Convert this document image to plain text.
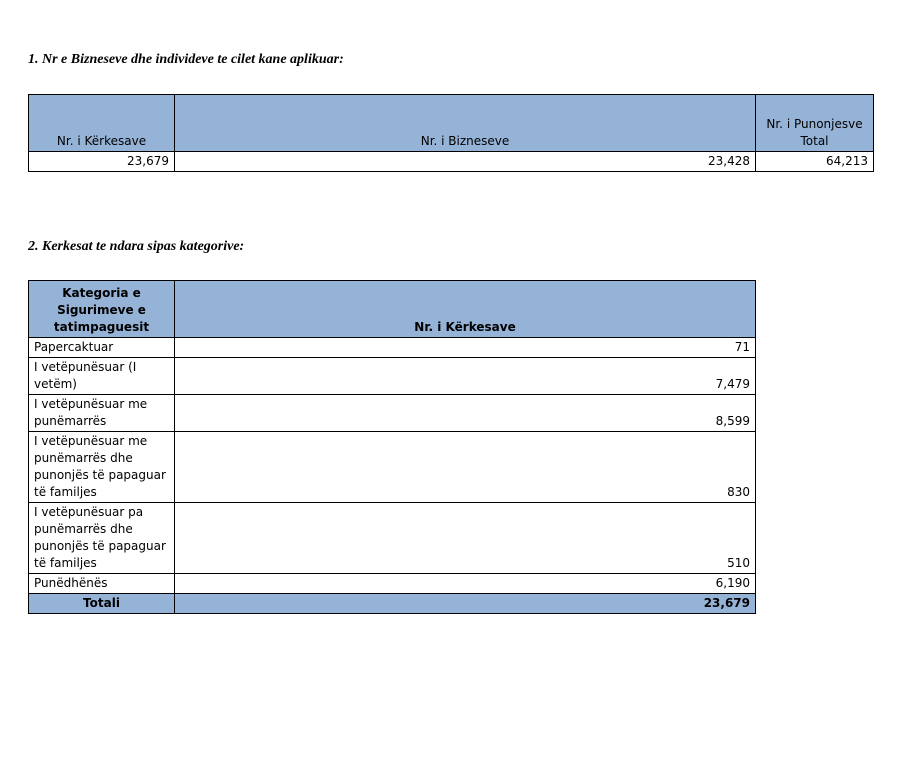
1. Nr e Bizneseve dhe individeve te cilet kane aplikuar:
Nr. i Kërkesave	Nr. i Bizneseve	Nr. i Punonjesve Total
23,679	23,428	64,213
2. Kerkesat te ndara sipas kategorive:
Kategoria e Sigurimeve e tatimpaguesit	Nr. i Kërkesave
Papercaktuar	71
I vetëpunësuar (I vetëm)	7,479
I vetëpunësuar me punëmarrës	8,599
I vetëpunësuar me punëmarrës dhe punonjës të papaguar të familjes	830
I vetëpunësuar pa punëmarrës dhe punonjës të papaguar të familjes	510
Punëdhënës	6,190
Totali	23,679
